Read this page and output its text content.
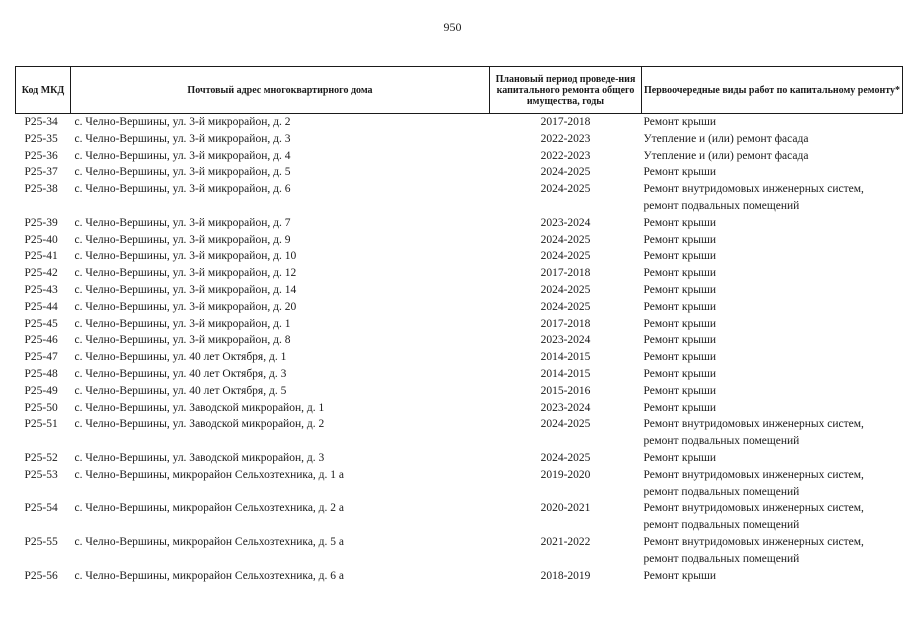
950
Код МКД	Почтовый адрес многоквартирного дома	Плановый период проведе-ния капитального ремонта общего имущества, годы	Первоочередные виды работ по капитальному ремонту*
Р25-34	с. Челно-Вершины, ул. 3-й микрорайон, д. 2	2017-2018	Ремонт крыши

Р25-35	с. Челно-Вершины, ул. 3-й микрорайон, д. 3	2022-2023	Утепление и (или) ремонт фасада

Р25-36	с. Челно-Вершины, ул. 3-й микрорайон, д. 4	2022-2023	Утепление и (или) ремонт фасада

Р25-37	с. Челно-Вершины, ул. 3-й микрорайон, д. 5	2024-2025	Ремонт крыши

Р25-38	с. Челно-Вершины, ул. 3-й микрорайон, д. 6	2024-2025	Ремонт внутридомовых инженерных систем,
ремонт подвальных помещений

Р25-39	с. Челно-Вершины, ул. 3-й микрорайон, д. 7	2023-2024	Ремонт крыши

Р25-40	с. Челно-Вершины, ул. 3-й микрорайон, д. 9	2024-2025	Ремонт крыши

Р25-41	с. Челно-Вершины, ул. 3-й микрорайон, д. 10	2024-2025	Ремонт крыши

Р25-42	с. Челно-Вершины, ул. 3-й микрорайон, д. 12	2017-2018	Ремонт крыши

Р25-43	с. Челно-Вершины, ул. 3-й микрорайон, д. 14	2024-2025	Ремонт крыши

Р25-44	с. Челно-Вершины, ул. 3-й микрорайон, д. 20	2024-2025	Ремонт крыши

Р25-45	с. Челно-Вершины, ул. 3-й микрорайон, д. 1	2017-2018	Ремонт крыши

Р25-46	с. Челно-Вершины, ул. 3-й микрорайон, д. 8	2023-2024	Ремонт крыши

Р25-47	с. Челно-Вершины, ул. 40 лет Октября, д. 1	2014-2015	Ремонт крыши

Р25-48	с. Челно-Вершины, ул. 40 лет Октября, д. 3	2014-2015	Ремонт крыши

Р25-49	с. Челно-Вершины, ул. 40 лет Октября, д. 5	2015-2016	Ремонт крыши

Р25-50	с. Челно-Вершины, ул. Заводской микрорайон, д. 1	2023-2024	Ремонт крыши

Р25-51	с. Челно-Вершины, ул. Заводской микрорайон, д. 2	2024-2025	Ремонт внутридомовых инженерных систем,
ремонт подвальных помещений

Р25-52	с. Челно-Вершины, ул. Заводской микрорайон, д. 3	2024-2025	Ремонт крыши

Р25-53	с. Челно-Вершины, микрорайон Сельхозтехника, д. 1 а	2019-2020	Ремонт внутридомовых инженерных систем,
ремонт подвальных помещений

Р25-54	с. Челно-Вершины, микрорайон Сельхозтехника, д. 2 а	2020-2021	Ремонт внутридомовых инженерных систем,
ремонт подвальных помещений

Р25-55	с. Челно-Вершины, микрорайон Сельхозтехника, д. 5 а	2021-2022	Ремонт внутридомовых инженерных систем,
ремонт подвальных помещений

Р25-56	с. Челно-Вершины, микрорайон Сельхозтехника, д. 6 а	2018-2019	Ремонт крыши
